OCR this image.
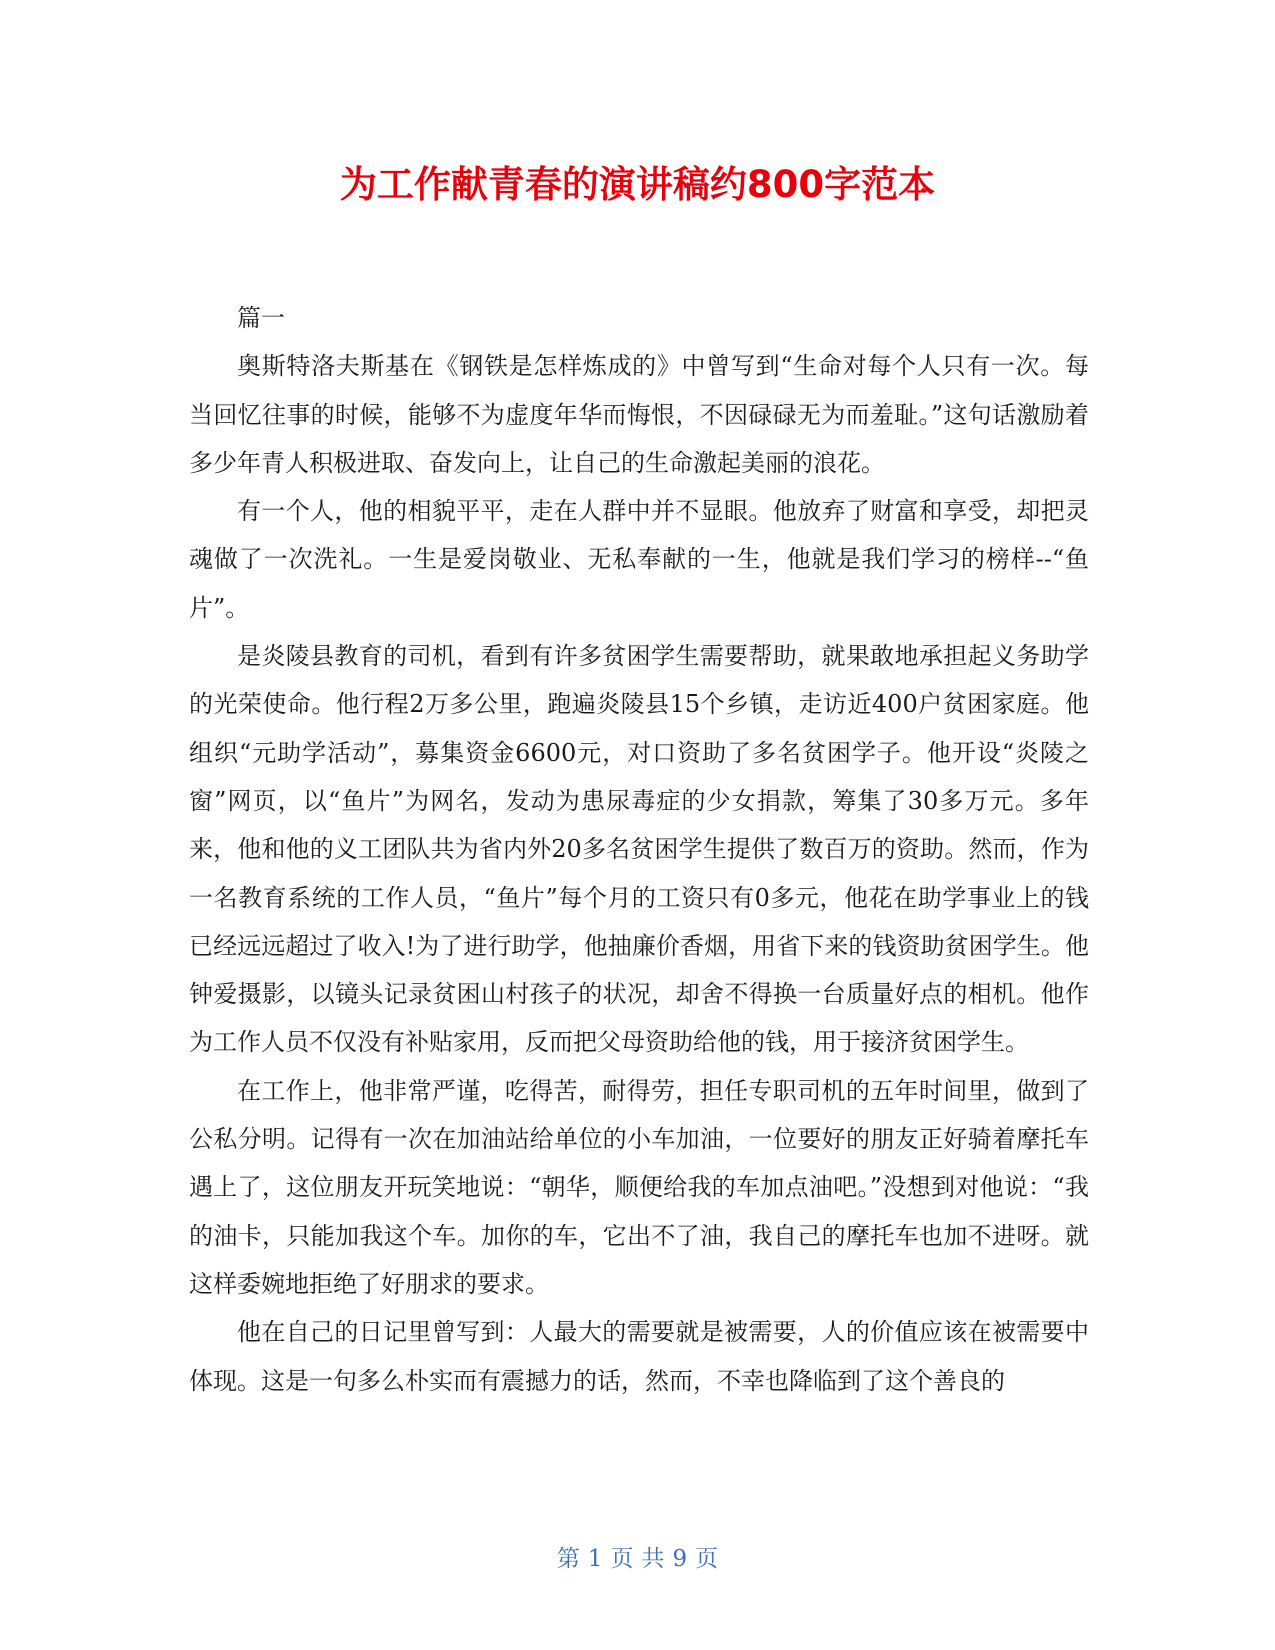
为工作献青春的演讲稿约800字范本

篇一

奥斯特洛夫斯基在《钢铁是怎样炼成的》中曾写到“生命对每个人只有一次。每当回忆往事的时候，能够不为虚度年华而悔恨，不因碌碌无为而羞耻。”这句话激励着多少年青人积极进取、奋发向上，让自己的生命激起美丽的浪花。

有一个人，他的相貌平平，走在人群中并不显眼。他放弃了财富和享受，却把灵魂做了一次洗礼。一生是爱岗敬业、无私奉献的一生，他就是我们学习的榜样--“鱼片”。

是炎陵县教育的司机，看到有许多贫困学生需要帮助，就果敢地承担起义务助学的光荣使命。他行程2万多公里，跑遍炎陵县15个乡镇，走访近400户贫困家庭。他组织“元助学活动”，募集资金6600元，对口资助了多名贫困学子。他开设“炎陵之窗”网页，以“鱼片”为网名，发动为患尿毒症的少女捐款，筹集了30多万元。多年来，他和他的义工团队共为省内外20多名贫困学生提供了数百万的资助。然而，作为一名教育系统的工作人员，“鱼片”每个月的工资只有0多元，他花在助学事业上的钱已经远远超过了收入!为了进行助学，他抽廉价香烟，用省下来的钱资助贫困学生。他钟爱摄影，以镜头记录贫困山村孩子的状况，却舍不得换一台质量好点的相机。他作为工作人员不仅没有补贴家用，反而把父母资助给他的钱，用于接济贫困学生。

在工作上，他非常严谨，吃得苦，耐得劳，担任专职司机的五年时间里，做到了公私分明。记得有一次在加油站给单位的小车加油，一位要好的朋友正好骑着摩托车遇上了，这位朋友开玩笑地说：“朝华，顺便给我的车加点油吧。”没想到对他说：“我的油卡，只能加我这个车。加你的车，它出不了油，我自己的摩托车也加不进呀。就这样委婉地拒绝了好朋求的要求。

他在自己的日记里曾写到：人最大的需要就是被需要，人的价值应该在被需要中体现。这是一句多么朴实而有震撼力的话，然而，不幸也降临到了这个善良的

第 1 页 共 9 页
